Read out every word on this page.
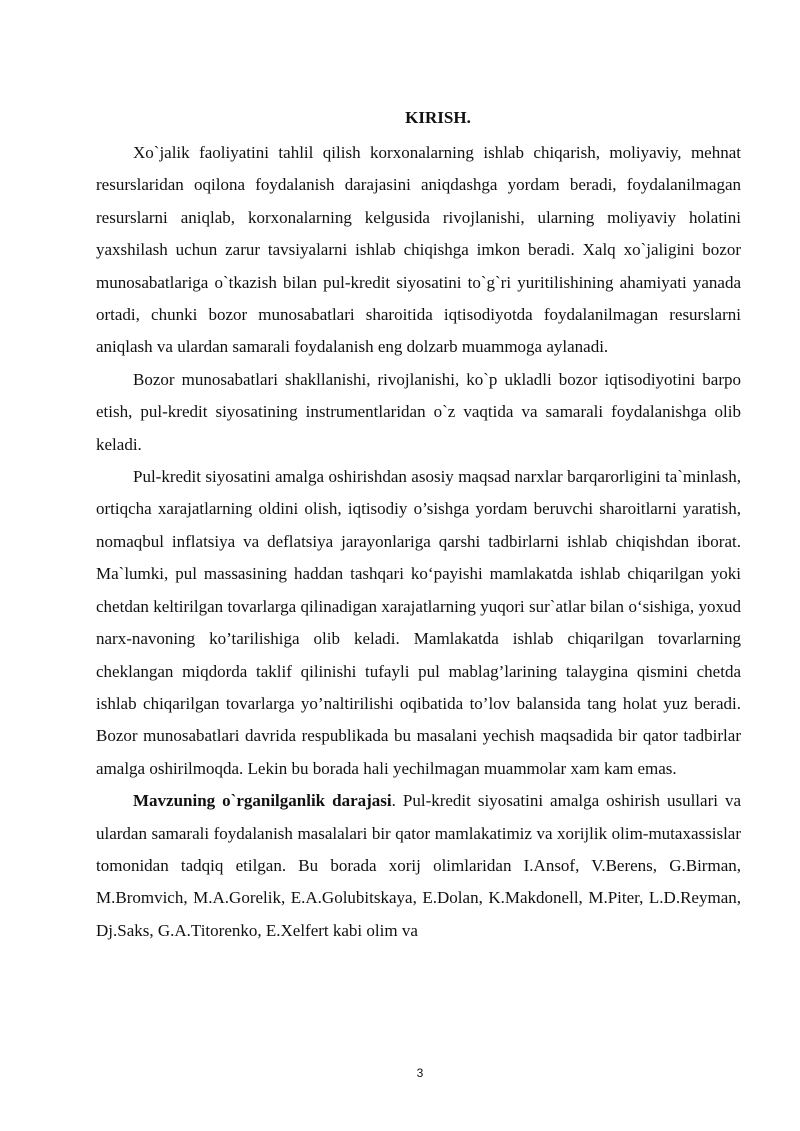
KIRISH.

Xo`jalik faoliyatini tahlil qilish korxonalarning ishlab chiqarish, moliyaviy, mehnat resurslaridan oqilona foydalanish darajasini aniqdashga yordam beradi, foydalanilmagan resurslarni aniqlab, korxonalarning kelgusida rivojlanishi, ularning moliyaviy holatini yaxshilash uchun zarur tavsiyalarni ishlab chiqishga imkon beradi. Xalq xo`jaligini bozor munosabatlariga o`tkazish bilan pul-kredit siyosatini to`g`ri yuritilishining ahamiyati yanada ortadi, chunki bozor munosabatlari sharoitida iqtisodiyotda foydalanilmagan resurslarni aniqlash va ulardan samarali foydalanish eng dolzarb muammoga aylanadi.

Bozor munosabatlari shakllanishi, rivojlanishi, ko`p ukladli bozor iqtisodiyotini barpo etish, pul-kredit siyosatining instrumentlaridan o`z vaqtida va samarali foydalanishga olib keladi.

Pul-kredit siyosatini amalga oshirishdan asosiy maqsad narxlar barqarorligini ta`minlash, ortiqcha xarajatlarning oldini olish, iqtisodiy o’sishga yordam beruvchi sharoitlarni yaratish, nomaqbul inflatsiya va deflatsiya jarayonlariga qarshi tadbirlarni ishlab chiqishdan iborat. Ma`lumki, pul massasining haddan tashqari ko‘payishi mamlakatda ishlab chiqarilgan yoki chetdan keltirilgan tovarlarga qilinadigan xarajatlarning yuqori sur`atlar bilan o‘sishiga, yoxud narx-navoning ko’tarilishiga olib keladi. Mamlakatda ishlab chiqarilgan tovarlarning cheklangan miqdorda taklif qilinishi tufayli pul mablag’larining talaygina qismini chetda ishlab chiqarilgan tovarlarga yo’naltirilishi oqibatida to’lov balansida tang holat yuz beradi. Bozor munosabatlari davrida respublikada bu masalani yechish maqsadida bir qator tadbirlar amalga oshirilmoqda. Lekin bu borada hali yechilmagan muammolar xam kam emas.

Mavzuning o`rganilganlik darajasi. Pul-kredit siyosatini amalga oshirish usullari va ulardan samarali foydalanish masalalari bir qator mamlakatimiz va xorijlik olim-mutaxassislar tomonidan tadqiq etilgan. Bu borada xorij olimlaridan I.Ansof, V.Berens, G.Birman, M.Bromvich, M.A.Gorelik, E.A.Golubitskaya, E.Dolan, K.Makdonell, M.Piter, L.D.Reyman, Dj.Saks, G.A.Titorenko, E.Xelfert kabi olim va

3
